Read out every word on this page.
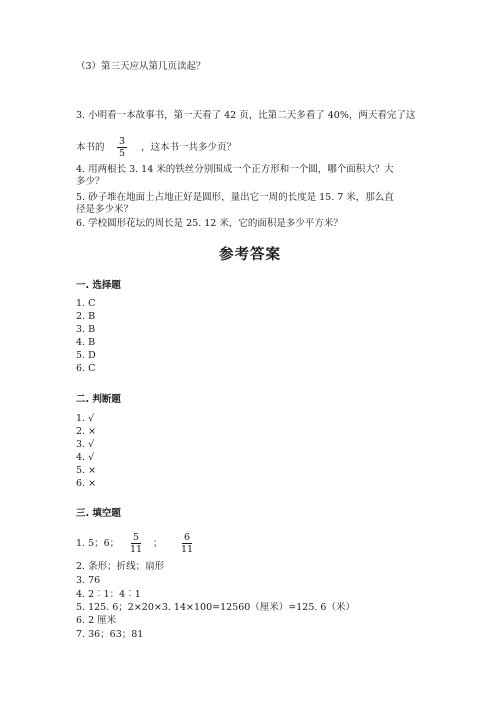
（3）第三天应从第几页读起？
3. 小明看一本故事书，第一天看了 42 页，比第二天多看了 40%，两天看完了这
本书的
3
5
，这本书一共多少页？
4. 用两根长 3. 14 米的铁丝分别围成一个正方形和一个圆，哪个面积大？大多少？
5. 砂子堆在地面上占地正好是圆形，量出它一周的长度是 15. 7 米，那么直径是多少米？
6. 学校圆形花坛的周长是 25. 12 米，它的面积是多少平方米？
参考答案
一. 选择题
1. C
2. B
3. B
4. B
5. D
6. C
二. 判断题
1. √
2. ×
3. √
4. √
5. ×
6. ×
三. 填空题
1. 5；6；
5
11
；
6
11
2. 条形；折线；扇形
3. 76
4. 2︰1：4︰1
5. 125. 6；2×20×3. 14×100=12560（厘米）=125. 6（米）
6. 2 厘米
7. 36；63；81
